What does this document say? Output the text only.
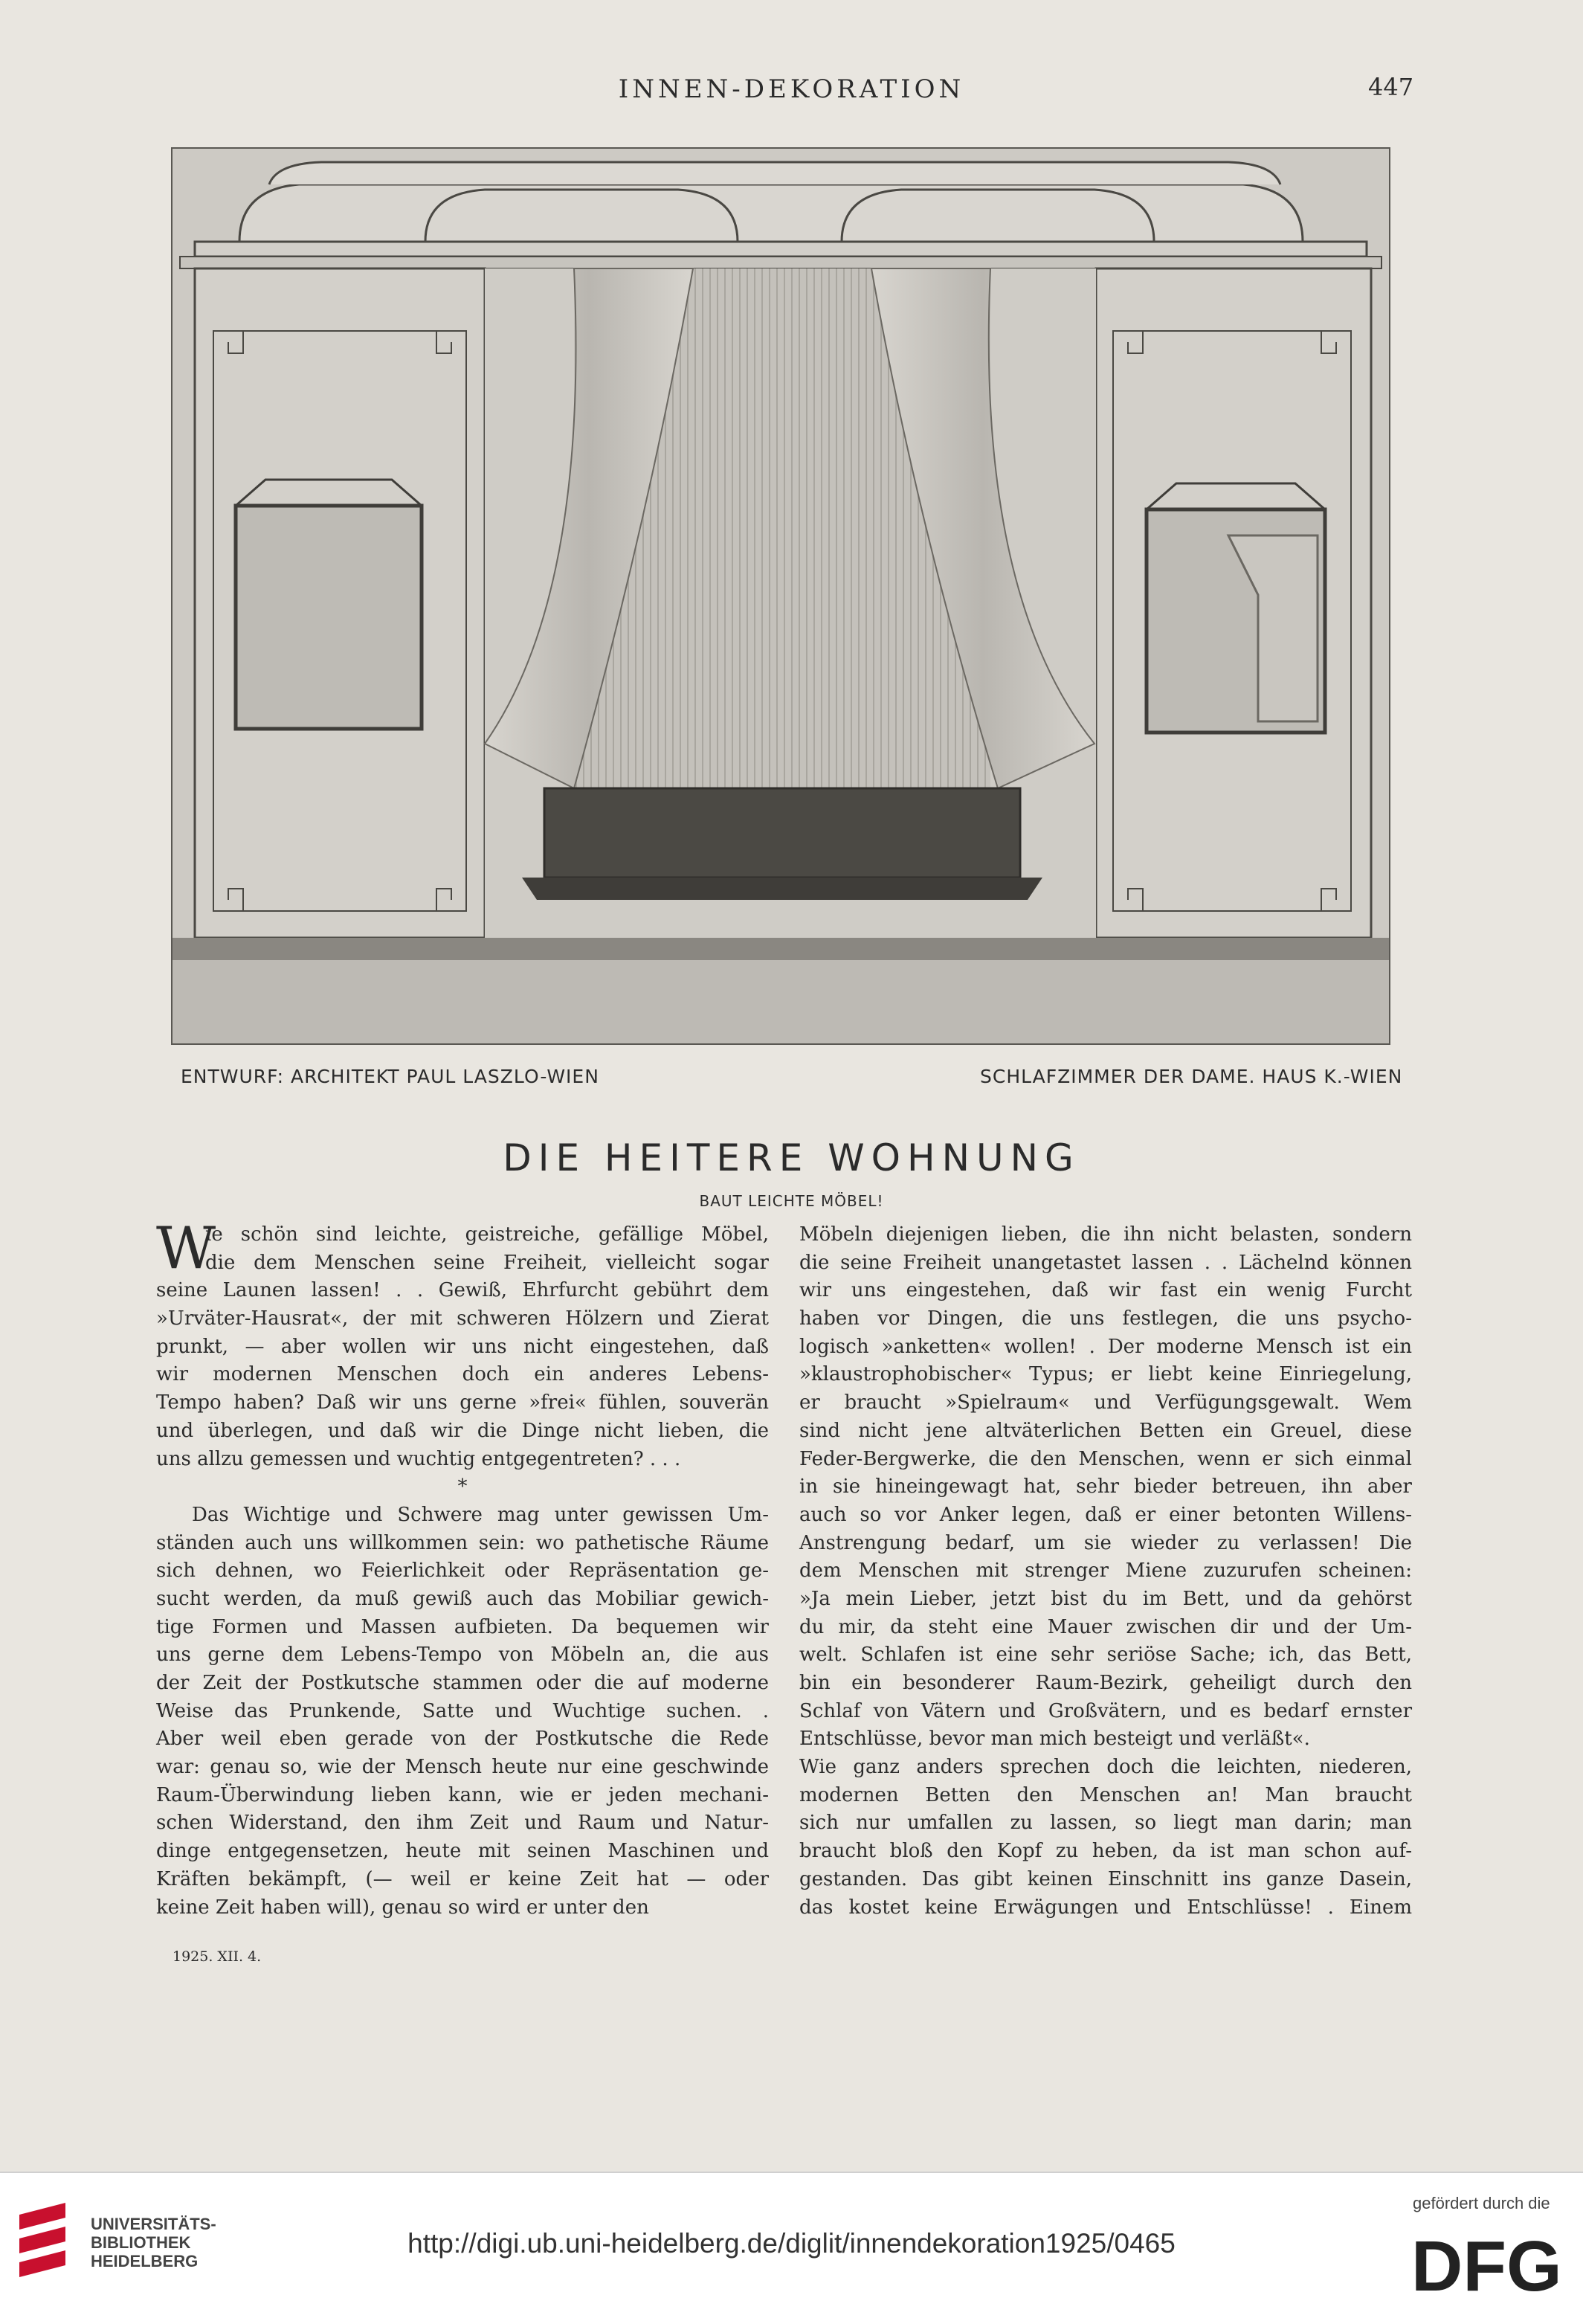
INNEN-DEKORATION	447
ENTWURF: ARCHITEKT PAUL LASZLO-WIEN	SCHLAFZIMMER DER DAME. HAUS K.-WIEN
DIE HEITERE WOHNUNG
BAUT LEICHTE MÖBEL!
W
ie schön sind leichte, geistreiche, gefällige Möbel,
die dem Menschen seine Freiheit, vielleicht sogar
seine Launen lassen! . . Gewiß, Ehrfurcht gebührt dem
»Urväter-Hausrat«, der mit schweren Hölzern und Zierat
prunkt, — aber wollen wir uns nicht eingestehen, daß
wir modernen Menschen doch ein anderes Lebens-
Tempo haben? Daß wir uns gerne »frei« fühlen, souverän
und überlegen, und daß wir die Dinge nicht lieben, die
uns allzu gemessen und wuchtig entgegentreten? . . .
*
Das Wichtige und Schwere mag unter gewissen Um-
ständen auch uns willkommen sein: wo pathetische Räume
sich dehnen, wo Feierlichkeit oder Repräsentation ge-
sucht werden, da muß gewiß auch das Mobiliar gewich-
tige Formen und Massen aufbieten. Da bequemen wir
uns gerne dem Lebens-Tempo von Möbeln an, die aus
der Zeit der Postkutsche stammen oder die auf moderne
Weise das Prunkende, Satte und Wuchtige suchen. .
Aber weil eben gerade von der Postkutsche die Rede
war: genau so, wie der Mensch heute nur eine geschwinde
Raum-Überwindung lieben kann, wie er jeden mechani-
schen Widerstand, den ihm Zeit und Raum und Natur-
dinge entgegensetzen, heute mit seinen Maschinen und
Kräften bekämpft, (— weil er keine Zeit hat — oder
keine Zeit haben will), genau so wird er unter den
Möbeln diejenigen lieben, die ihn nicht belasten, sondern
die seine Freiheit unangetastet lassen . . Lächelnd können
wir uns eingestehen, daß wir fast ein wenig Furcht
haben vor Dingen, die uns festlegen, die uns psycho-
logisch »anketten« wollen! . Der moderne Mensch ist ein
»klaustrophobischer« Typus; er liebt keine Einriegelung,
er braucht »Spielraum« und Verfügungsgewalt. Wem
sind nicht jene altväterlichen Betten ein Greuel, diese
Feder-Bergwerke, die den Menschen, wenn er sich einmal
in sie hineingewagt hat, sehr bieder betreuen, ihn aber
auch so vor Anker legen, daß er einer betonten Willens-
Anstrengung bedarf, um sie wieder zu verlassen! Die
dem Menschen mit strenger Miene zuzurufen scheinen:
»Ja mein Lieber, jetzt bist du im Bett, und da gehörst
du mir, da steht eine Mauer zwischen dir und der Um-
welt. Schlafen ist eine sehr seriöse Sache; ich, das Bett,
bin ein besonderer Raum-Bezirk, geheiligt durch den
Schlaf von Vätern und Großvätern, und es bedarf ernster
Entschlüsse, bevor man mich besteigt und verläßt«.
Wie ganz anders sprechen doch die leichten, niederen,
modernen Betten den Menschen an! Man braucht
sich nur umfallen zu lassen, so liegt man darin; man
braucht bloß den Kopf zu heben, da ist man schon auf-
gestanden. Das gibt keinen Einschnitt ins ganze Dasein,
das kostet keine Erwägungen und Entschlüsse! . Einem
1925. XII. 4.
UNIVERSITÄTS-
BIBLIOTHEK
HEIDELBERG
http://digi.ub.uni-heidelberg.de/diglit/innendekoration1925/0465
gefördert durch die
DFG
